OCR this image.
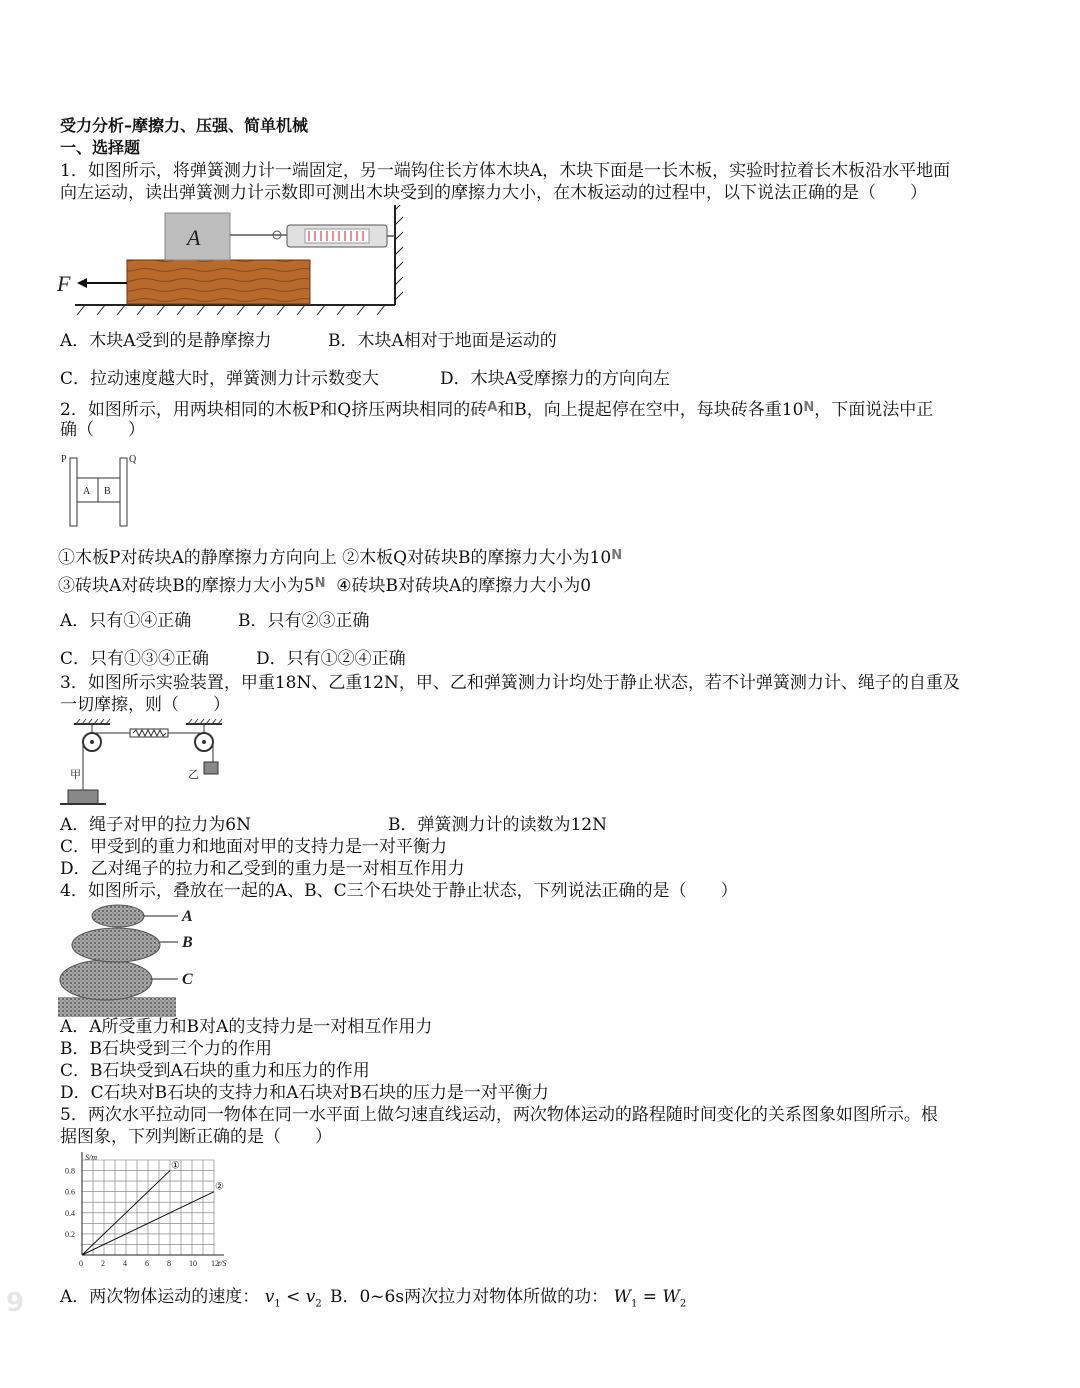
受力分析–摩擦力、压强、简单机械
一、选择题
1．如图所示，将弹簧测力计一端固定，另一端钩住长方体木块A，木块下面是一长木板，实验时拉着长木板沿水平地面
向左运动，读出弹簧测力计示数即可测出木块受到的摩擦力大小，在木板运动的过程中，以下说法正确的是（　　）
A
F
A．木块A受到的是静摩擦力	B．木块A相对于地面是运动的
C．拉动速度越大时，弹簧测力计示数变大	D．木块A受摩擦力的方向向左
2．如图所示，用两块相同的木板P和Q挤压两块相同的砖$^A$和B，向上提起停在空中，每块砖各重$10^N$，下面说法中正
确（　　）
P	Q
A B
①木板P对砖块A的静摩擦力方向向上 ②木板Q对砖块B的摩擦力大小为$10^N$
③砖块A对砖块B的摩擦力大小为$5^N$ ④砖块B对砖块A的摩擦力大小为0
A．只有①④正确	B．只有②③正确
C．只有①③④正确	D．只有①②④正确
3．如图所示实验装置，甲重18N、乙重12N，甲、乙和弹簧测力计均处于静止状态，若不计弹簧测力计、绳子的自重及
一切摩擦，则（　　）
甲	乙
A．绳子对甲的拉力为6N	B．弹簧测力计的读数为12N
C．甲受到的重力和地面对甲的支持力是一对平衡力
D．乙对绳子的拉力和乙受到的重力是一对相互作用力
4．如图所示，叠放在一起的A、B、C三个石块处于静止状态，下列说法正确的是（　　）
A
B
C
A．A所受重力和B对A的支持力是一对相互作用力
B．B石块受到三个力的作用
C．B石块受到A石块的重力和压力的作用
D．C石块对B石块的支持力和A石块对B石块的压力是一对平衡力
5．两次水平拉动同一物体在同一水平面上做匀速直线运动，两次物体运动的路程随时间变化的关系图象如图所示。根
据图象，下列判断正确的是（　　）
0 2 4 6 8 10 12
0.2
0.4
0.6
0.8
S/m
t/S
①
②
A．两次物体运动的速度： $v_1 < v_2$ B．0~6s两次拉力对物体所做的功： $W_1 = W_2$
9
